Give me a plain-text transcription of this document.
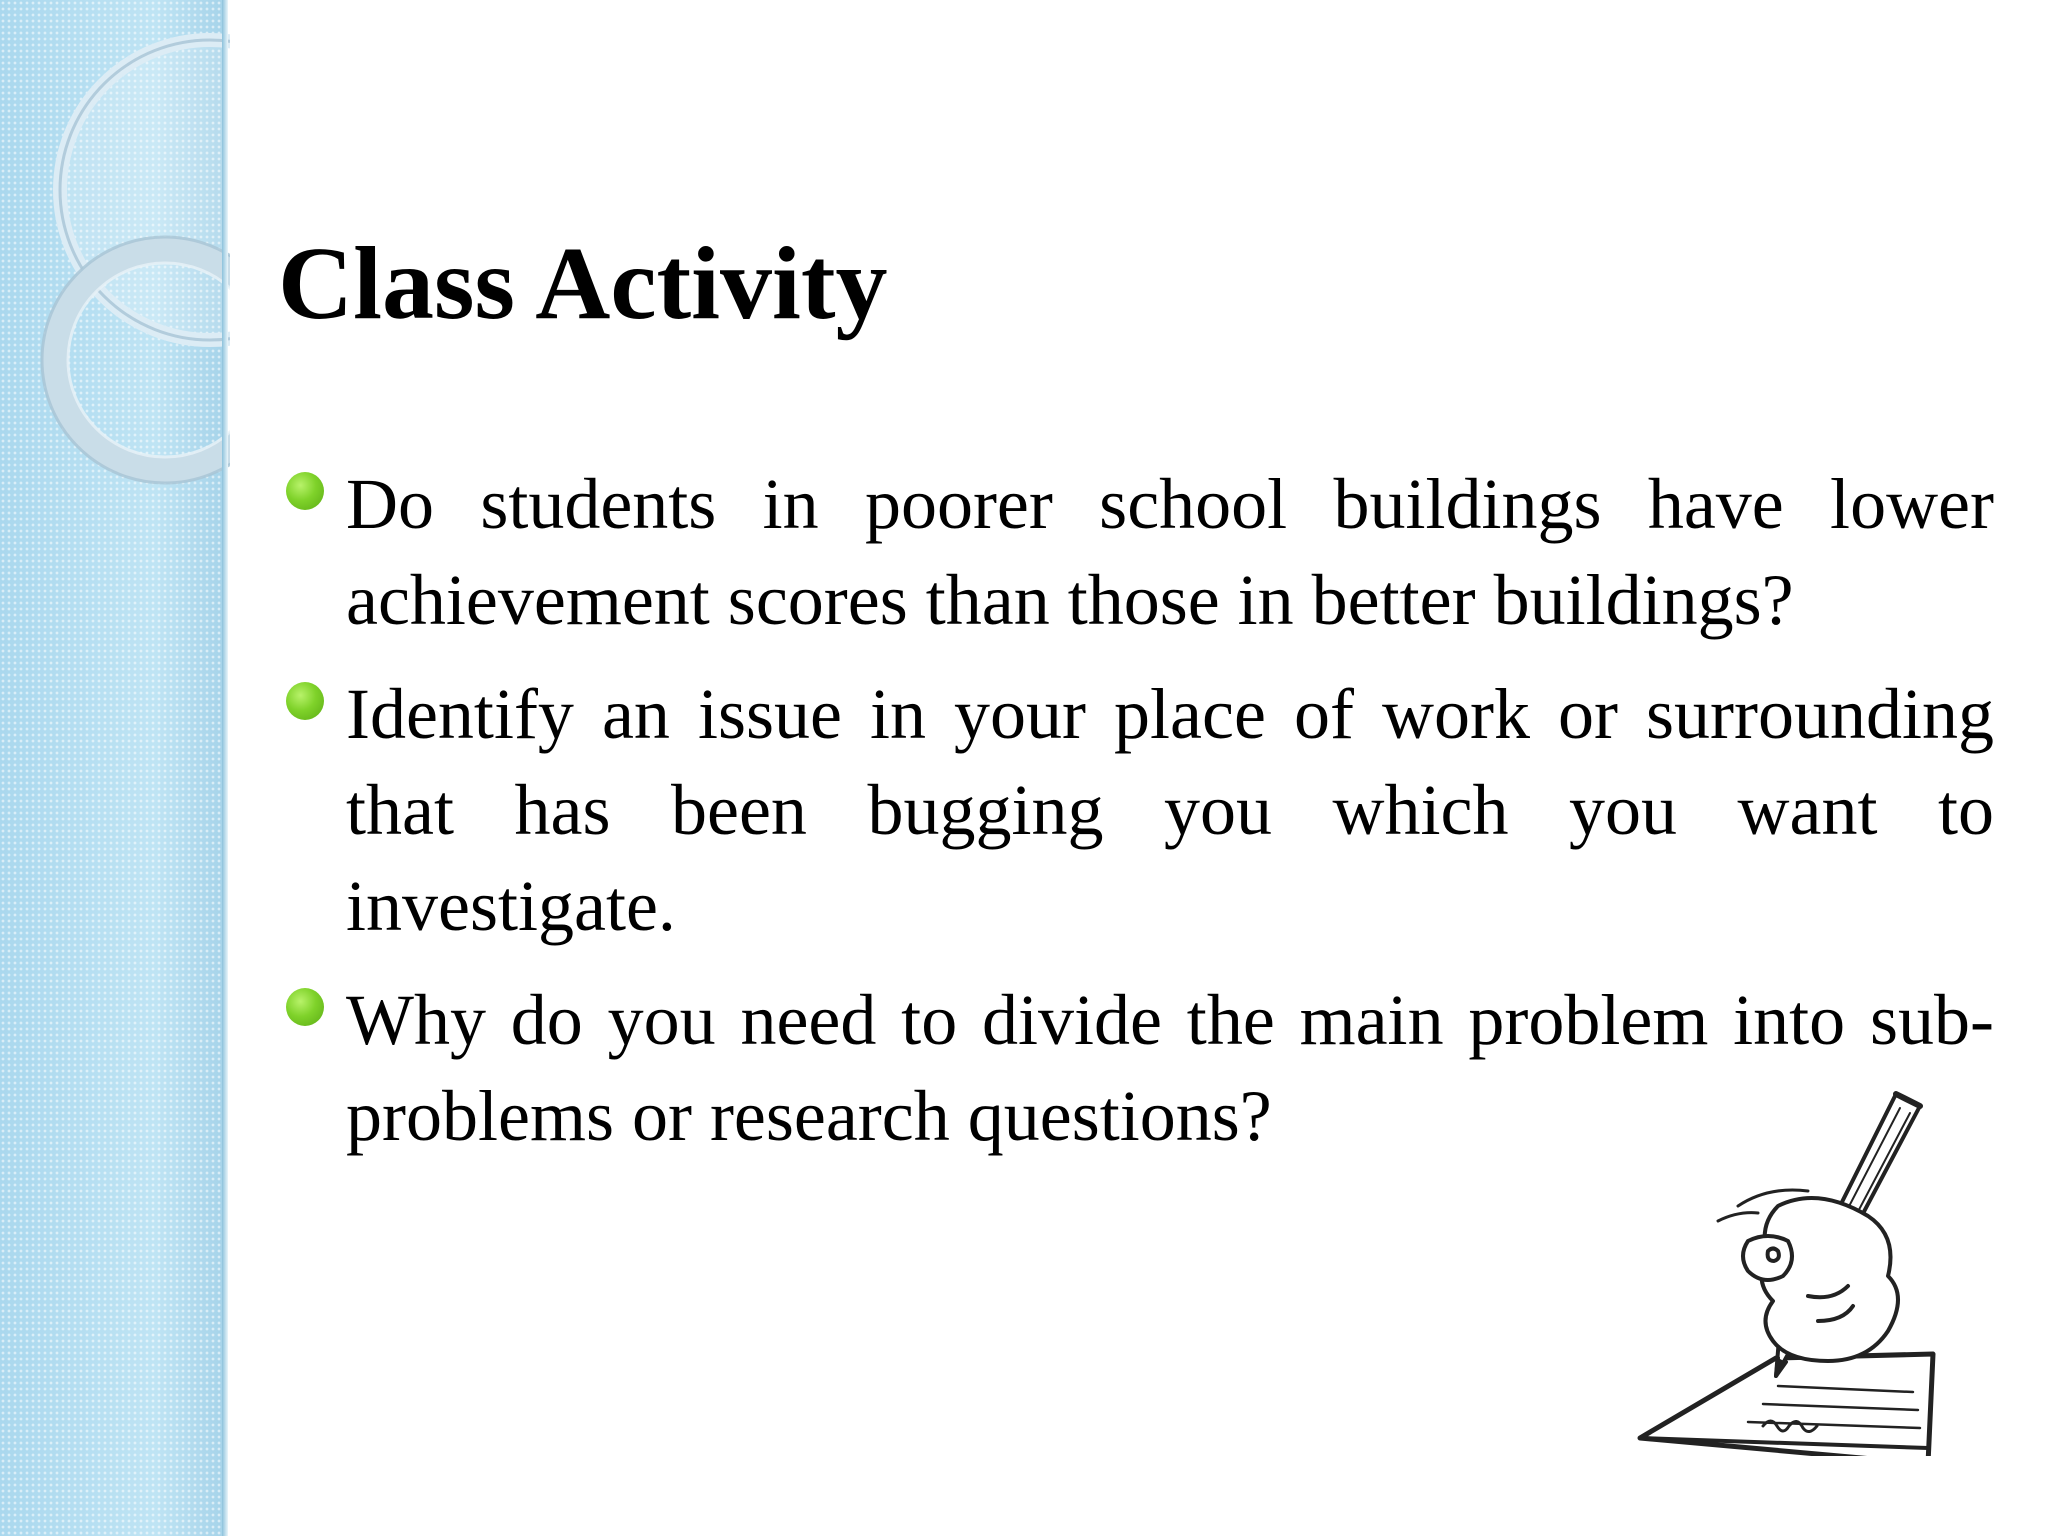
Class Activity
Do students in poorer school buildings have lower achievement scores than those in better buildings?
Identify an issue in your place of work or surrounding that has been bugging you which you want to investigate.
Why do you need to divide the main problem into sub-problems or research questions?
